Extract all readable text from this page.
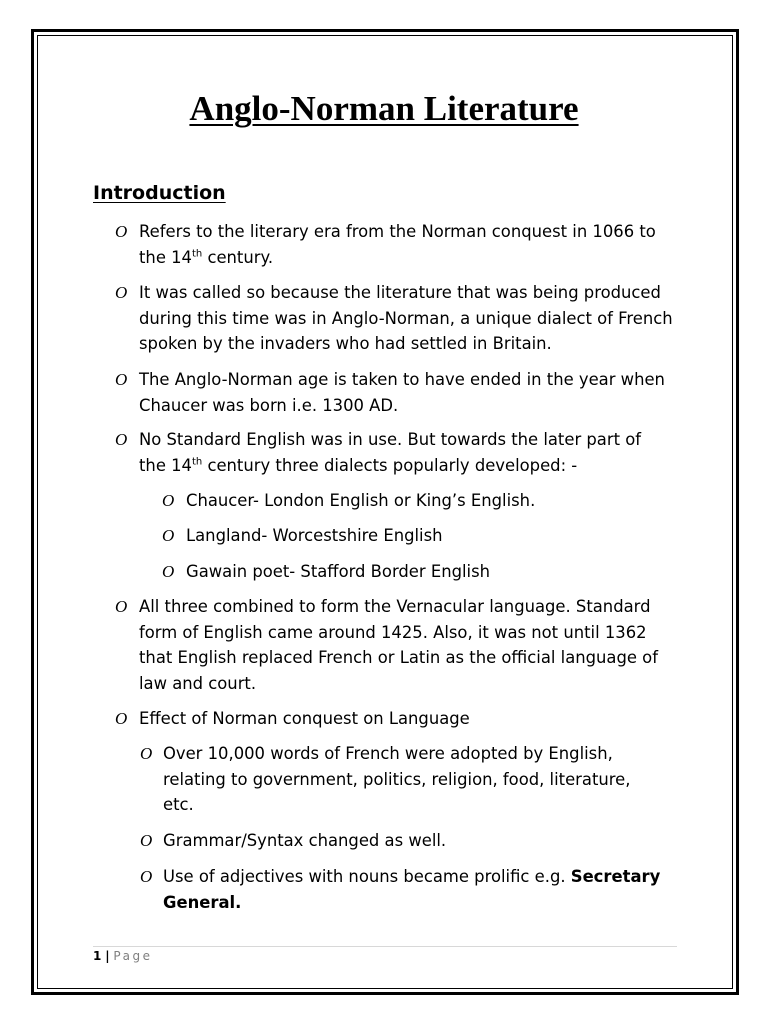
Anglo-Norman Literature
Introduction
O Refers to the literary era from the Norman conquest in 1066 to the 14th century.
O It was called so because the literature that was being produced during this time was in Anglo-Norman, a unique dialect of French spoken by the invaders who had settled in Britain.
O The Anglo-Norman age is taken to have ended in the year when Chaucer was born i.e. 1300 AD.
O No Standard English was in use. But towards the later part of the 14th century three dialects popularly developed: -
O Chaucer- London English or King’s English.
O Langland- Worcestshire English
O Gawain poet- Stafford Border English
O All three combined to form the Vernacular language. Standard form of English came around 1425. Also, it was not until 1362 that English replaced French or Latin as the official language of law and court.
O Effect of Norman conquest on Language
O Over 10,000 words of French were adopted by English, relating to government, politics, religion, food, literature, etc.
O Grammar/Syntax changed as well.
O Use of adjectives with nouns became prolific e.g. Secretary General.
1 | Page
